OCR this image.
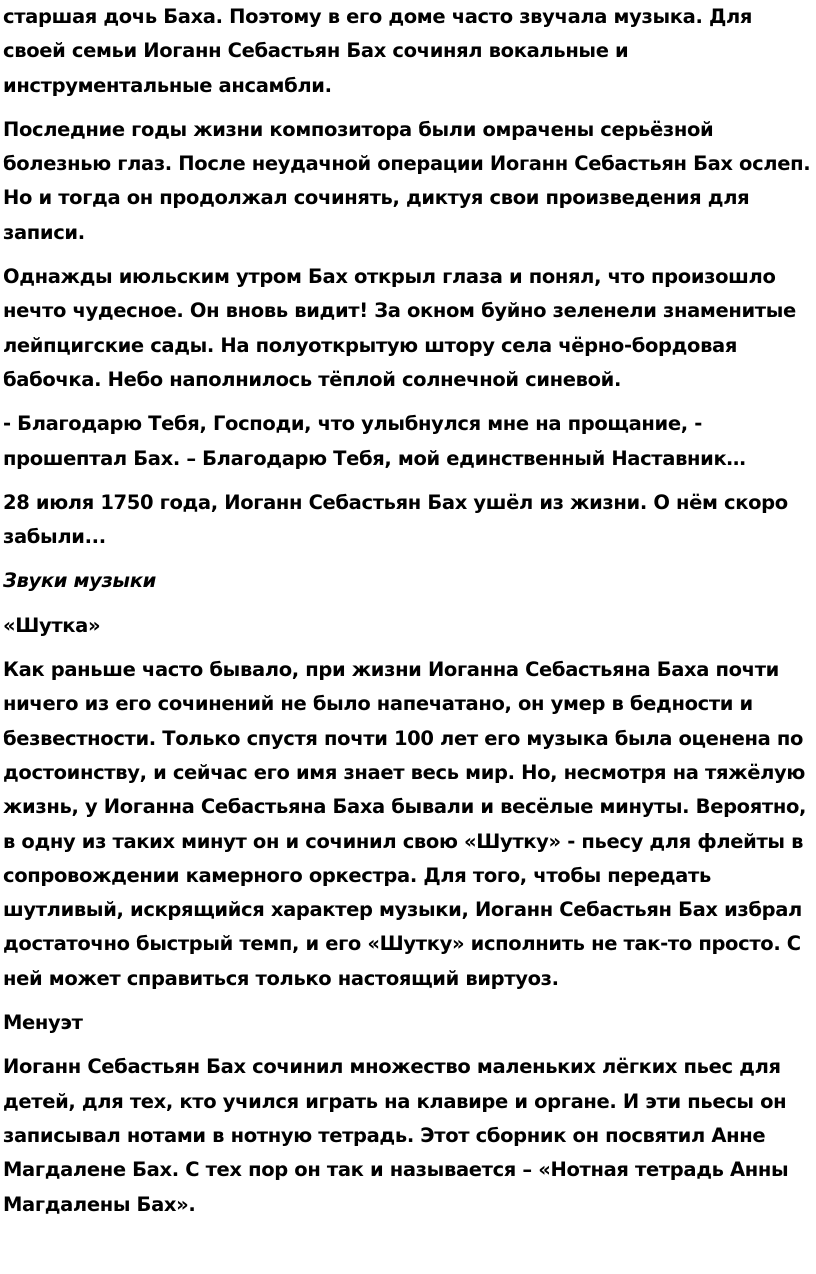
старшая дочь Баха. Поэтому в его доме часто звучала музыка. Для своей семьи Иоганн Себастьян Бах сочинял вокальные и инструментальные ансамбли.

Последние годы жизни композитора были омрачены серьёзной болезнью глаз. После неудачной операции Иоганн Себастьян Бах ослеп. Но и тогда он продолжал сочинять, диктуя свои произведения для записи.

Однажды июльским утром Бах открыл глаза и понял, что произошло нечто чудесное. Он вновь видит! За окном буйно зеленели знаменитые лейпцигские сады. На полуоткрытую штору села чёрно-бордовая бабочка. Небо наполнилось тёплой солнечной синевой.

- Благодарю Тебя, Господи, что улыбнулся мне на прощание, - прошептал Бах. – Благодарю Тебя, мой единственный Наставник…

28 июля 1750 года, Иоганн Себастьян Бах ушёл из жизни. О нём скоро забыли...

Звуки музыки

«Шутка»

Как раньше часто бывало, при жизни Иоганна Себастьяна Баха почти ничего из его сочинений не было напечатано, он умер в бедности и безвестности. Только спустя почти 100 лет его музыка была оценена по достоинству, и сейчас его имя знает весь мир. Но, несмотря на тяжёлую жизнь, у Иоганна Себастьяна Баха бывали и весёлые минуты. Вероятно, в одну из таких минут он и сочинил свою «Шутку» - пьесу для флейты в сопровождении камерного оркестра. Для того, чтобы передать шутливый, искрящийся характер музыки, Иоганн Себастьян Бах избрал достаточно быстрый темп, и его «Шутку» исполнить не так-то просто. С ней может справиться только настоящий виртуоз.

Менуэт

Иоганн Себастьян Бах сочинил множество маленьких лёгких пьес для детей, для тех, кто учился играть на клавире и органе. И эти пьесы он записывал нотами в нотную тетрадь. Этот сборник он посвятил Анне Магдалене Бах. С тех пор он так и называется – «Нотная тетрадь Анны Магдалены Бах».
